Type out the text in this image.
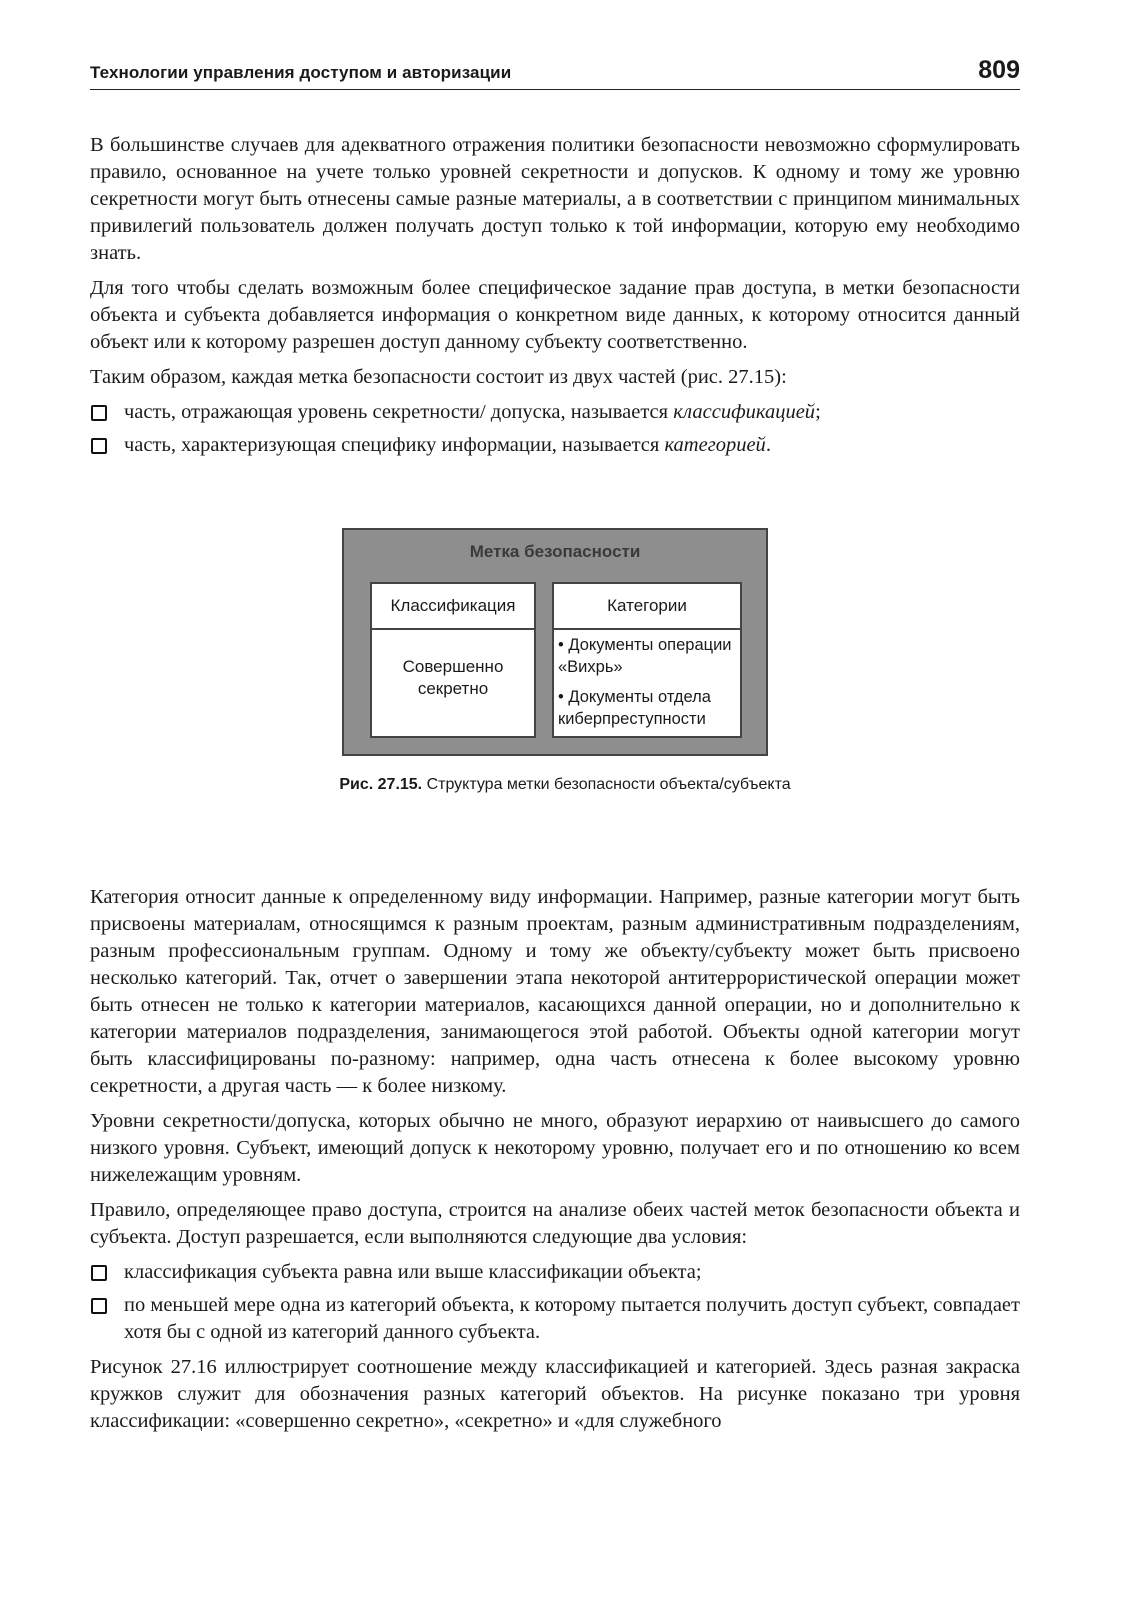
Технологии управления доступом и авторизации	809

В большинстве случаев для адекватного отражения политики безопасности невозможно сформулировать правило, основанное на учете только уровней секретности и допусков. К одному и тому же уровню секретности могут быть отнесены самые разные материалы, а в соответствии с принципом минимальных привилегий пользователь должен получать доступ только к той информации, которую ему необходимо знать.

Для того чтобы сделать возможным более специфическое задание прав доступа, в метки безопасности объекта и субъекта добавляется информация о конкретном виде данных, к которому относится данный объект или к которому разрешен доступ данному субъекту соответственно.

Таким образом, каждая метка безопасности состоит из двух частей (рис. 27.15):

часть, отражающая уровень секретности/ допуска, называется классификацией;
часть, характеризующая специфику информации, называется категорией.

Категория относит данные к определенному виду информации. Например, разные категории могут быть присвоены материалам, относящимся к разным проектам, разным административным подразделениям, разным профессиональным группам. Одному и тому же объекту/субъекту может быть присвоено несколько категорий. Так, отчет о завершении этапа некоторой антитеррористической операции может быть отнесен не только к категории материалов, касающихся данной операции, но и дополнительно к категории материалов подразделения, занимающегося этой работой. Объекты одной категории могут быть классифицированы по-разному: например, одна часть отнесена к более высокому уровню секретности, а другая часть — к более низкому.

Уровни секретности/допуска, которых обычно не много, образуют иерархию от наивысшего до самого низкого уровня. Субъект, имеющий допуск к некоторому уровню, получает его и по отношению ко всем нижележащим уровням.

Правило, определяющее право доступа, строится на анализе обеих частей меток безопасности объекта и субъекта. Доступ разрешается, если выполняются следующие два условия:

классификация субъекта равна или выше классификации объекта;
по меньшей мере одна из категорий объекта, к которому пытается получить доступ субъект, совпадает хотя бы с одной из категорий данного субъекта.

Рисунок 27.16 иллюстрирует соотношение между классификацией и категорией. Здесь разная закраска кружков служит для обозначения разных категорий объектов. На рисунке показано три уровня классификации: «совершенно секретно», «секретно» и «для служебного

Метка безопасности
Классификация
Совершенно
секретно
Категории
• Документы операции «Вихрь»
• Документы отдела киберпреступности
Рис. 27.15. Структура метки безопасности объекта/субъекта
